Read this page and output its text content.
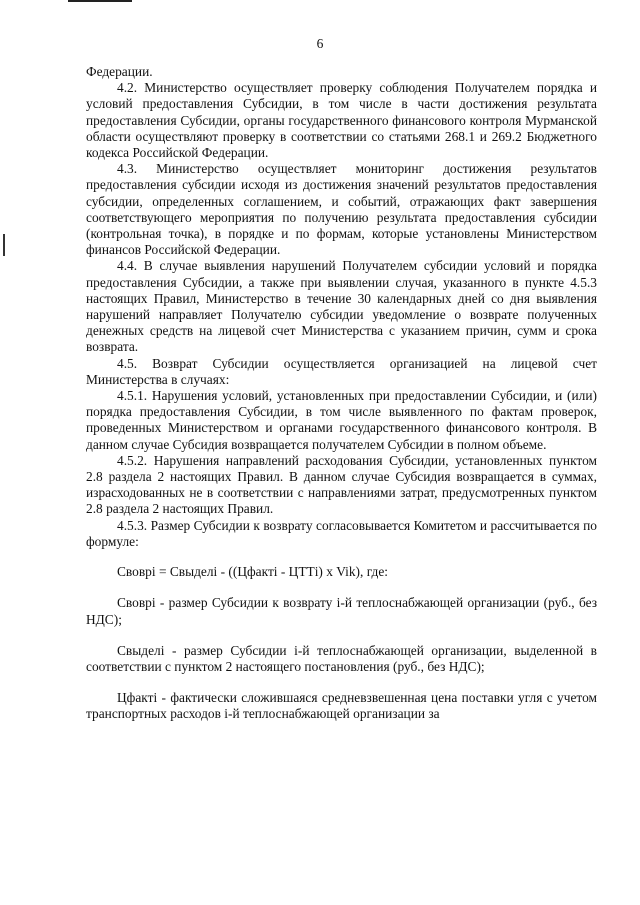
6

Федерации.

4.2. Министерство осуществляет проверку соблюдения Получателем порядка и условий предоставления Субсидии, в том числе в части достижения результата предоставления Субсидии, органы государственного финансового контроля Мурманской области осуществляют проверку в соответствии со статьями 268.1 и 269.2 Бюджетного кодекса Российской Федерации.

4.3. Министерство осуществляет мониторинг достижения результатов предоставления субсидии исходя из достижения значений результатов предоставления субсидии, определенных соглашением, и событий, отражающих факт завершения соответствующего мероприятия по получению результата предоставления субсидии (контрольная точка), в порядке и по формам, которые установлены Министерством финансов Российской Федерации.

4.4. В случае выявления нарушений Получателем субсидии условий и порядка предоставления Субсидии, а также при выявлении случая, указанного в пункте 4.5.3 настоящих Правил, Министерство в течение 30 календарных дней со дня выявления нарушений направляет Получателю субсидии уведомление о возврате полученных денежных средств на лицевой счет Министерства с указанием причин, сумм и срока возврата.

4.5. Возврат Субсидии осуществляется организацией на лицевой счет Министерства в случаях:

4.5.1. Нарушения условий, установленных при предоставлении Субсидии, и (или) порядка предоставления Субсидии, в том числе выявленного по фактам проверок, проведенных Министерством и органами государственного финансового контроля. В данном случае Субсидия возвращается получателем Субсидии в полном объеме.

4.5.2. Нарушения направлений расходования Субсидии, установленных пунктом 2.8 раздела 2 настоящих Правил. В данном случае Субсидия возвращается в суммах, израсходованных не в соответствии с направлениями затрат, предусмотренных пунктом 2.8 раздела 2 настоящих Правил.

4.5.3. Размер Субсидии к возврату согласовывается Комитетом и рассчитывается по формуле:

Своврi = Свыделi - ((Цфактi - ЦТТi) х Vik), где:

Своврi - размер Субсидии к возврату i-й теплоснабжающей организации (руб., без НДС);

Свыделi - размер Субсидии i-й теплоснабжающей организации, выделенной в соответствии с пунктом 2 настоящего постановления (руб., без НДС);

Цфактi - фактически сложившаяся средневзвешенная цена поставки угля с учетом транспортных расходов i-й теплоснабжающей организации за
